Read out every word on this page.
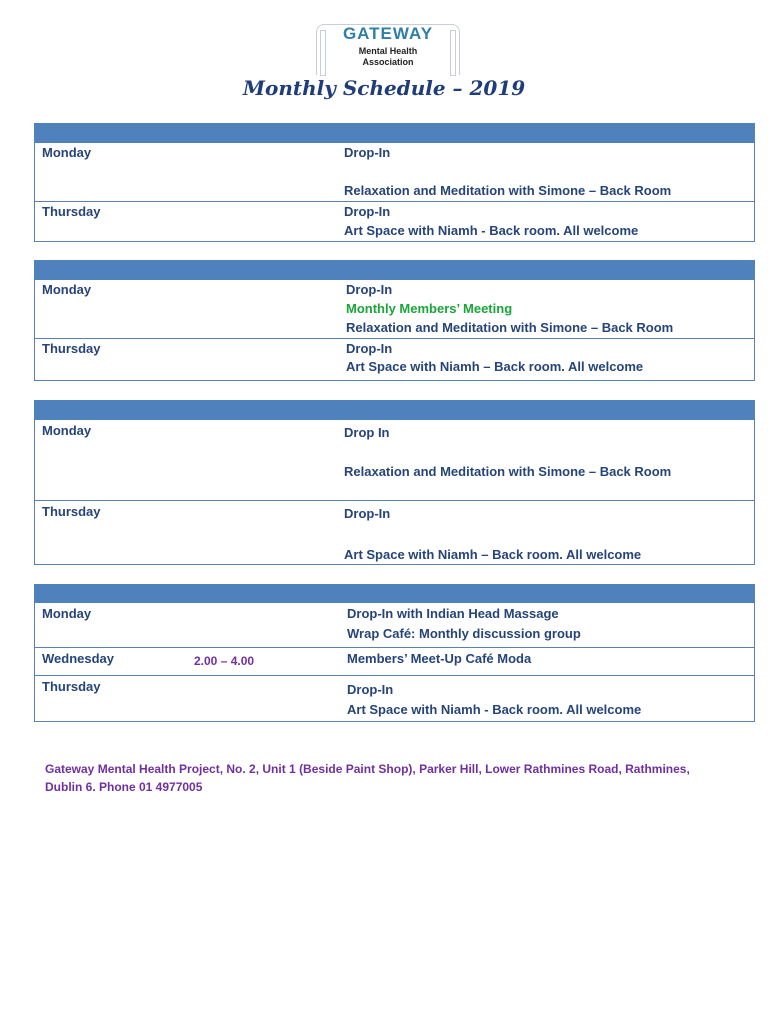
GATEWAY
Mental Health
Association
Monthly Schedule – 2019
Monday	Drop-In
Relaxation and Meditation with Simone – Back Room
Thursday	Drop-In
Art Space with Niamh - Back room. All welcome
Monday	Drop-In
Monthly Members’ Meeting
Relaxation and Meditation with Simone – Back Room
Thursday	Drop-In
Art Space with Niamh – Back room. All welcome
Monday	Drop In
Relaxation and Meditation with Simone – Back Room
Thursday	Drop-In
Art Space with Niamh – Back room. All welcome
Monday	Drop-In with Indian Head Massage
Wrap Café: Monthly discussion group
Wednesday	2.00 – 4.00	Members’ Meet-Up Café Moda
Thursday	Drop-In
Art Space with Niamh - Back room. All welcome
Gateway Mental Health Project, No. 2, Unit 1 (Beside Paint Shop), Parker Hill, Lower Rathmines Road, Rathmines,
Dublin 6. Phone 01 4977005
